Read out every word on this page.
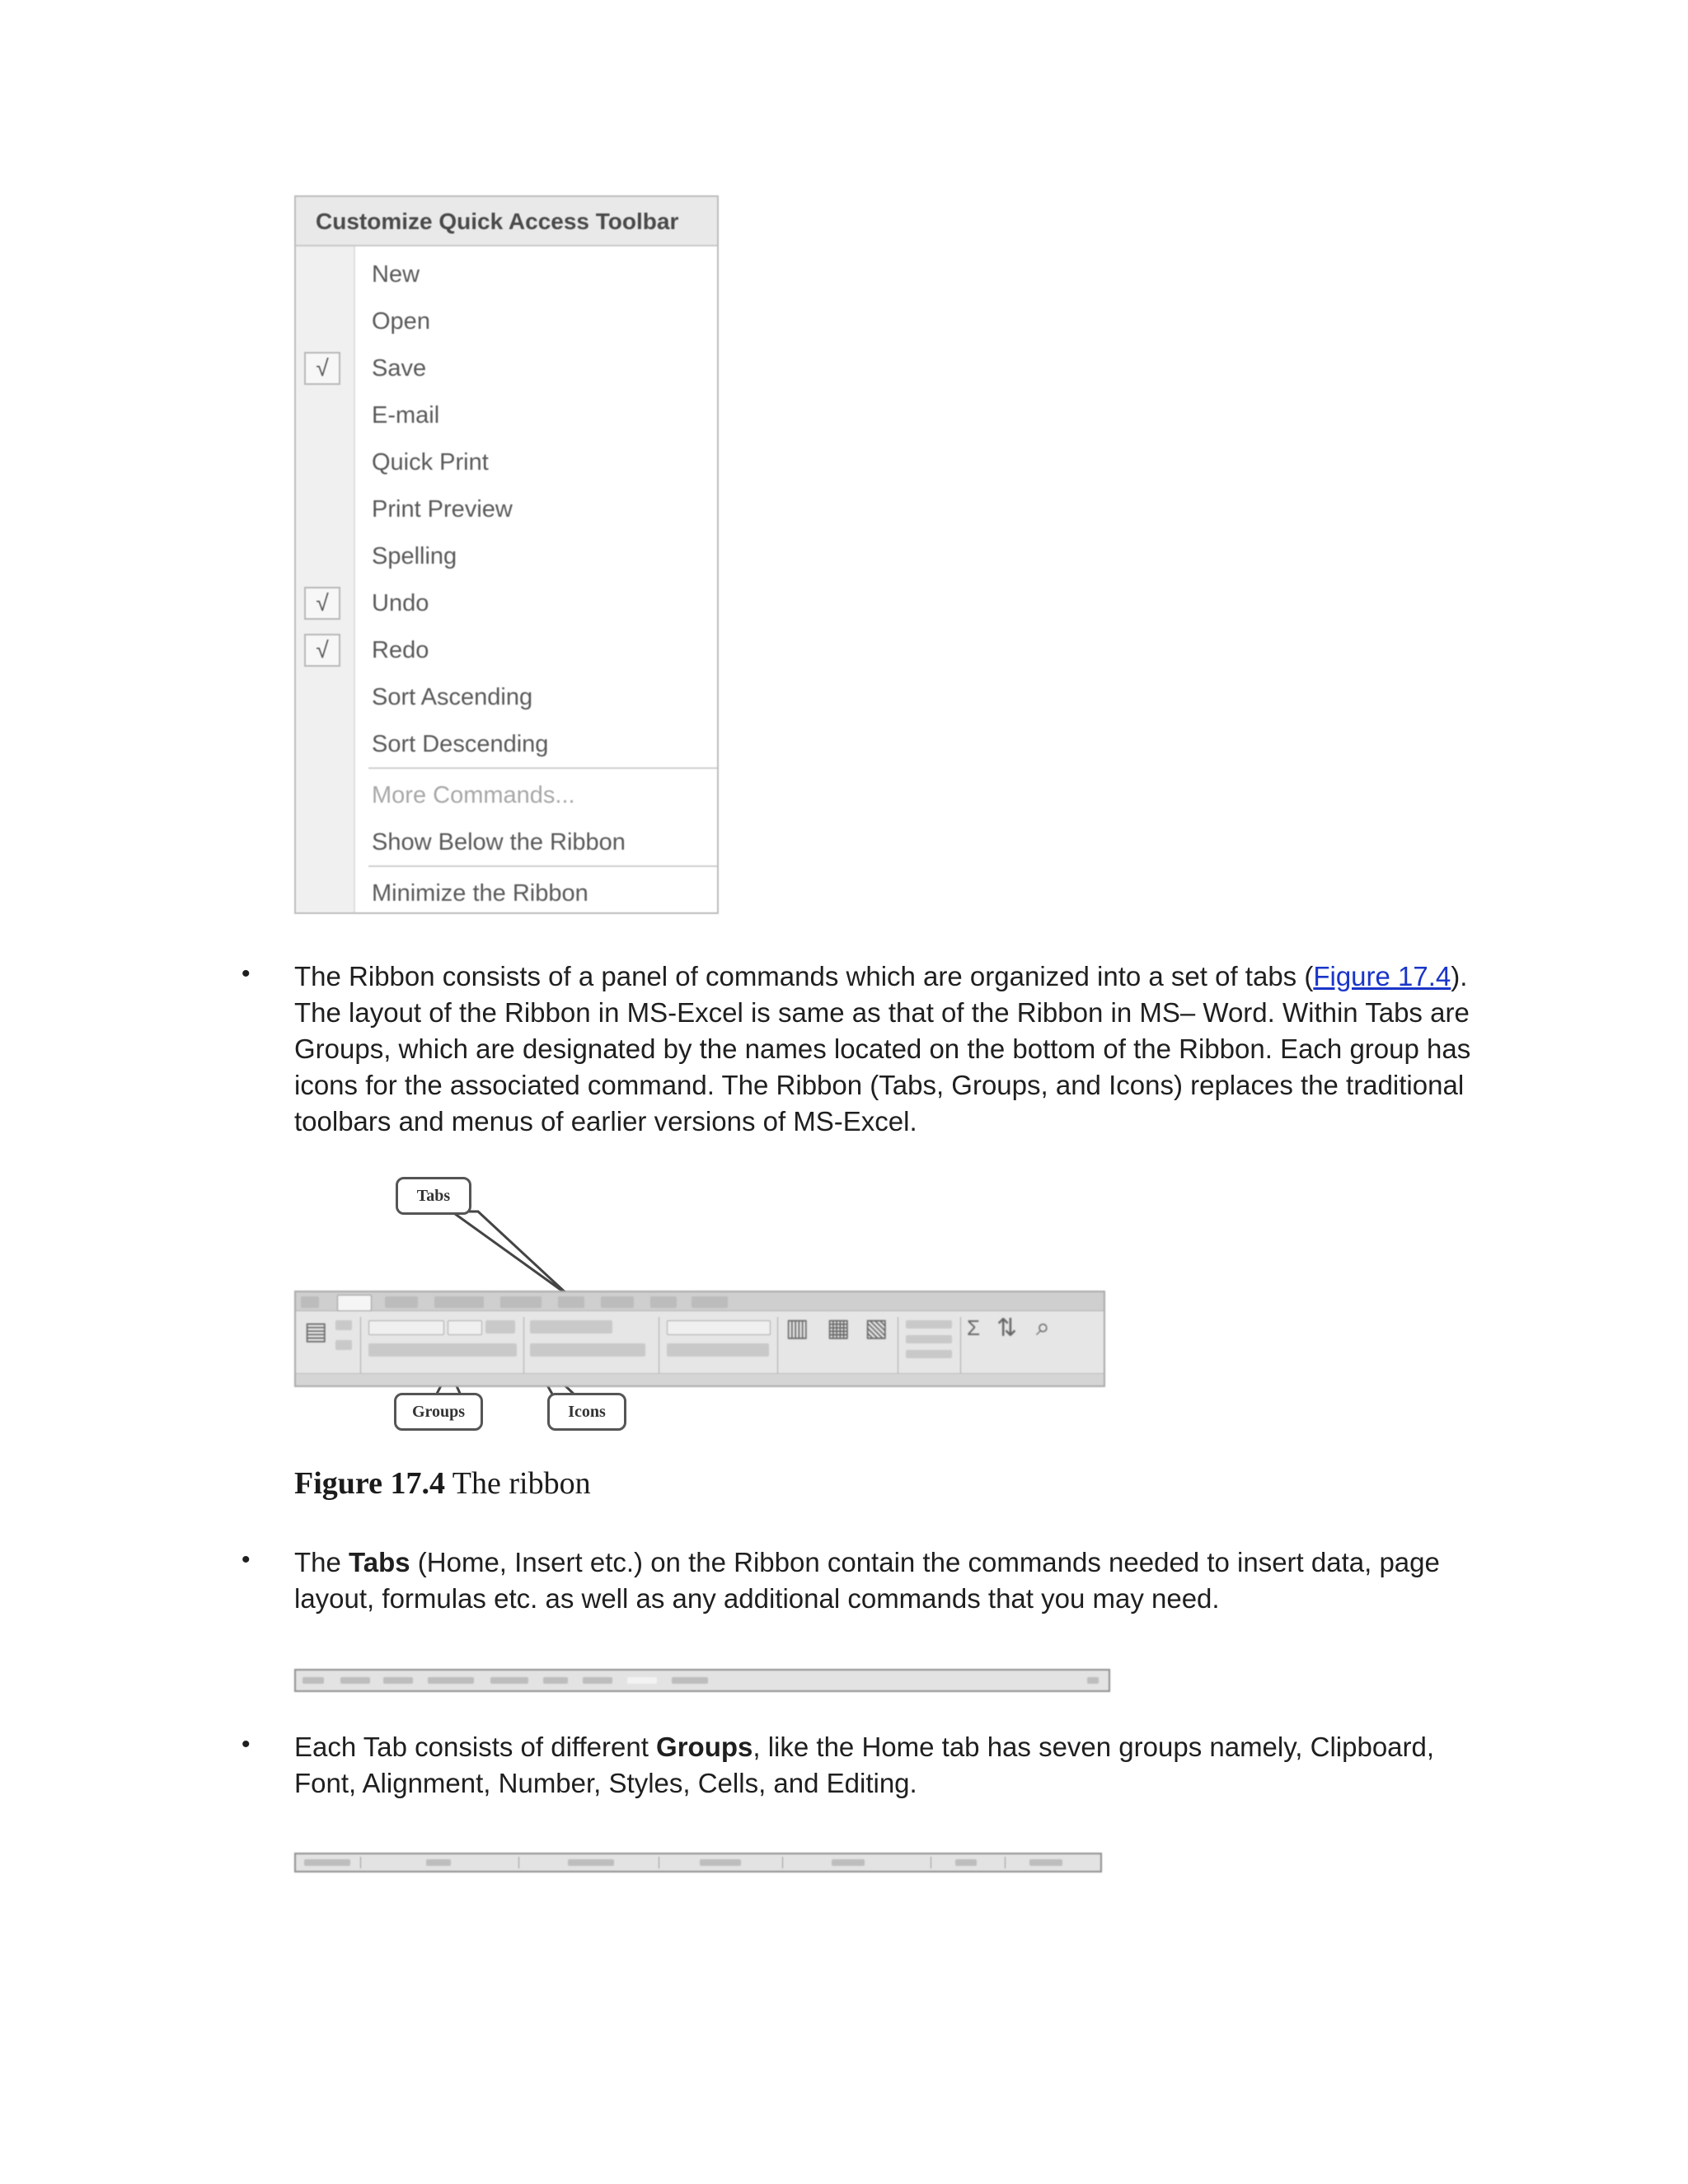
Customize Quick Access Toolbar
New
Open
√	Save
E-mail
Quick Print
Print Preview
Spelling
√	Undo
√	Redo
Sort Ascending
Sort Descending
More Commands...
Show Below the Ribbon
Minimize the Ribbon
• The Ribbon consists of a panel of commands which are organized into a set of tabs (Figure 17.4).
The layout of the Ribbon in MS-Excel is same as that of the Ribbon in MS– Word. Within Tabs are Groups, which are designated by the names located on the bottom of the Ribbon. Each group has icons for the associated command. The Ribbon (Tabs, Groups, and Icons) replaces the traditional toolbars and menus of earlier versions of MS-Excel.
Tabs
▤	▥ ▦ ▧	Σ ⇅ ⌕
Groups	Icons
Figure 17.4 The ribbon
• The Tabs (Home, Insert etc.) on the Ribbon contain the commands needed to insert data, page layout, formulas etc. as well as any additional commands that you may need.
• Each Tab consists of different Groups, like the Home tab has seven groups namely, Clipboard, Font, Alignment, Number, Styles, Cells, and Editing.
